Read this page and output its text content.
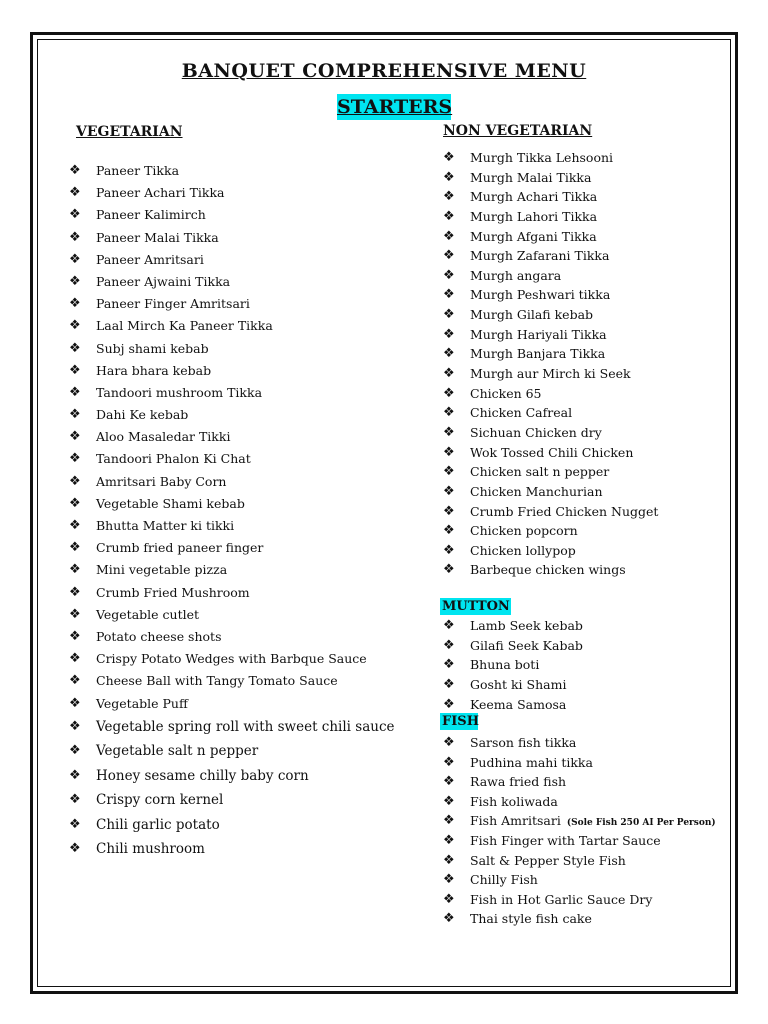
BANQUET COMPREHENSIVE MENU
STARTERS
VEGETARIAN	NON VEGETARIAN
❖ Paneer Tikka
❖ Paneer Achari Tikka
❖ Paneer Kalimirch
❖ Paneer Malai Tikka
❖ Paneer Amritsari
❖ Paneer Ajwaini Tikka
❖ Paneer Finger Amritsari
❖ Laal Mirch Ka Paneer Tikka
❖ Subj shami kebab
❖ Hara bhara kebab
❖ Tandoori mushroom Tikka
❖ Dahi Ke kebab
❖ Aloo Masaledar Tikki
❖ Tandoori Phalon Ki Chat
❖ Amritsari Baby Corn
❖ Vegetable Shami kebab
❖ Bhutta Matter ki tikki
❖ Crumb fried paneer finger
❖ Mini vegetable pizza
❖ Crumb Fried Mushroom
❖ Vegetable cutlet
❖ Potato cheese shots
❖ Crispy Potato Wedges with Barbque Sauce
❖ Cheese Ball with Tangy Tomato Sauce
❖ Vegetable Puff
❖ Vegetable spring roll with sweet chili sauce
❖ Vegetable salt n pepper
❖ Honey sesame chilly baby corn
❖ Crispy corn kernel
❖ Chili garlic potato
❖ Chili mushroom
❖ Murgh Tikka Lehsooni
❖ Murgh Malai Tikka
❖ Murgh Achari Tikka
❖ Murgh Lahori Tikka
❖ Murgh Afgani Tikka
❖ Murgh Zafarani Tikka
❖ Murgh angara
❖ Murgh Peshwari tikka
❖ Murgh Gilafi kebab
❖ Murgh Hariyali Tikka
❖ Murgh Banjara Tikka
❖ Murgh aur Mirch ki Seek
❖ Chicken 65
❖ Chicken Cafreal
❖ Sichuan Chicken dry
❖ Wok Tossed Chili Chicken
❖ Chicken salt n pepper
❖ Chicken Manchurian
❖ Crumb Fried Chicken Nugget
❖ Chicken popcorn
❖ Chicken lollypop
❖ Barbeque chicken wings
MUTTON
❖ Lamb Seek kebab
❖ Gilafi Seek Kabab
❖ Bhuna boti
❖ Gosht ki Shami
❖ Keema Samosa
FISH
❖ Sarson fish tikka
❖ Pudhina mahi tikka
❖ Rawa fried fish
❖ Fish koliwada
❖ Fish Amritsari (Sole Fish 250 AI Per Person)
❖ Fish Finger with Tartar Sauce
❖ Salt & Pepper Style Fish
❖ Chilly Fish
❖ Fish in Hot Garlic Sauce Dry
❖ Thai style fish cake
